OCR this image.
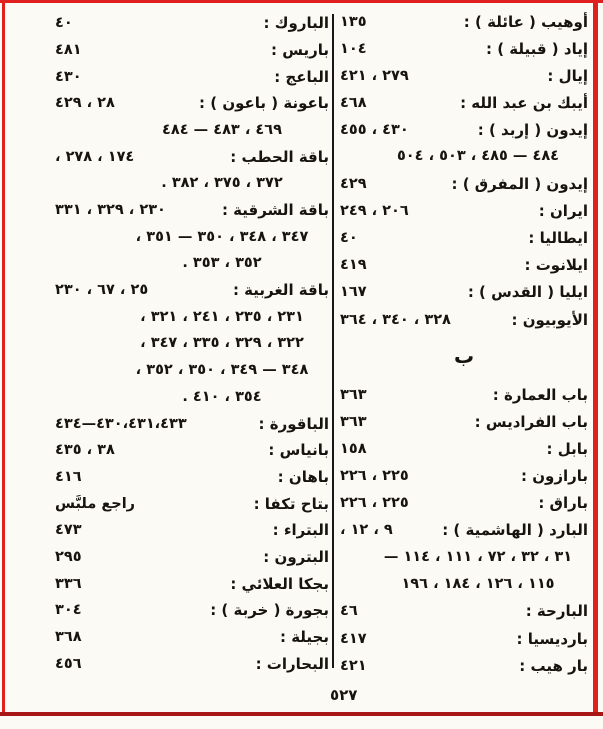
أوهيب ( عائلة ) :
١٣٥
إياد ( قبيلة ) :
١٠٤
إيال :
٢٧٩ ، ٤٢١
أيبك بن عبد الله :
٤٦٨
إيدون ( إربد ) :
٤٣٠ ، ٤٥٥
٤٨٤ — ٤٨٥ ، ٥٠٣ ، ٥٠٤
إيدون ( المفرق ) :
٤٢٩
ايران :
٢٠٦ ، ٢٤٩
ايطاليا :
٤٠
ايلانوت :
٤١٩
ايليا ( القدس ) :
١٦٧
الأيوبيون :
٣٢٨ ، ٣٤٠ ، ٣٦٤
ب
باب العمارة :
٣٦٣
باب الفراديس :
٣٦٣
بابل :
١٥٨
بارازون :
٢٢٥ ، ٢٢٦
باراق :
٢٢٥ ، ٢٢٦
البارد ( الهاشمية ) :
٩ ، ١٢ ،
٣١ ، ٣٢ ، ٧٢ ، ١١١ ، ١١٤ —
١١٥ ، ١٢٦ ، ١٨٤ ، ١٩٦
البارحة :
٤٦
بارديسيا :
٤١٧
بار هيب :
٤٢١
الباروك :
٤٠
باريس :
٤٨١
الباعج :
٤٣٠
باعونة ( باعون ) :
٢٨ ، ٤٢٩
٤٦٩ ، ٤٨٣ — ٤٨٤
باقة الحطب :
١٧٤ ، ٢٧٨ ،
٣٧٢ ، ٣٧٥ ، ٣٨٢ .
باقة الشرقية :
٢٣٠ ، ٣٢٩ ، ٣٣١
٣٤٧ ، ٣٤٨ ، ٣٥٠ — ٣٥١ ،
٣٥٢ ، ٣٥٣ .
باقة الغربية :
٢٥ ، ٦٧ ، ٢٣٠
٢٣١ ، ٢٣٥ ، ٢٤١ ، ٣٢١ ،
٣٢٢ ، ٣٢٩ ، ٣٣٥ ، ٣٤٧ ،
٣٤٨ — ٣٤٩ ، ٣٥٠ ، ٣٥٢ ،
٣٥٤ ، ٤١٠ .
الباقورة :
٤٣٠،٤٣١،٤٣٣—٤٣٤
بانياس :
٣٨ ، ٤٣٥
باهان :
٤١٦
بتاح تكفا :
راجع ملبَّس
البتراء :
٤٧٣
البترون :
٢٩٥
بجكا العلائي :
٣٣٦
بجورة ( خربة ) :
٣٠٤
بجيلة :
٣٦٨
البحارات :
٤٥٦
٥٢٧
